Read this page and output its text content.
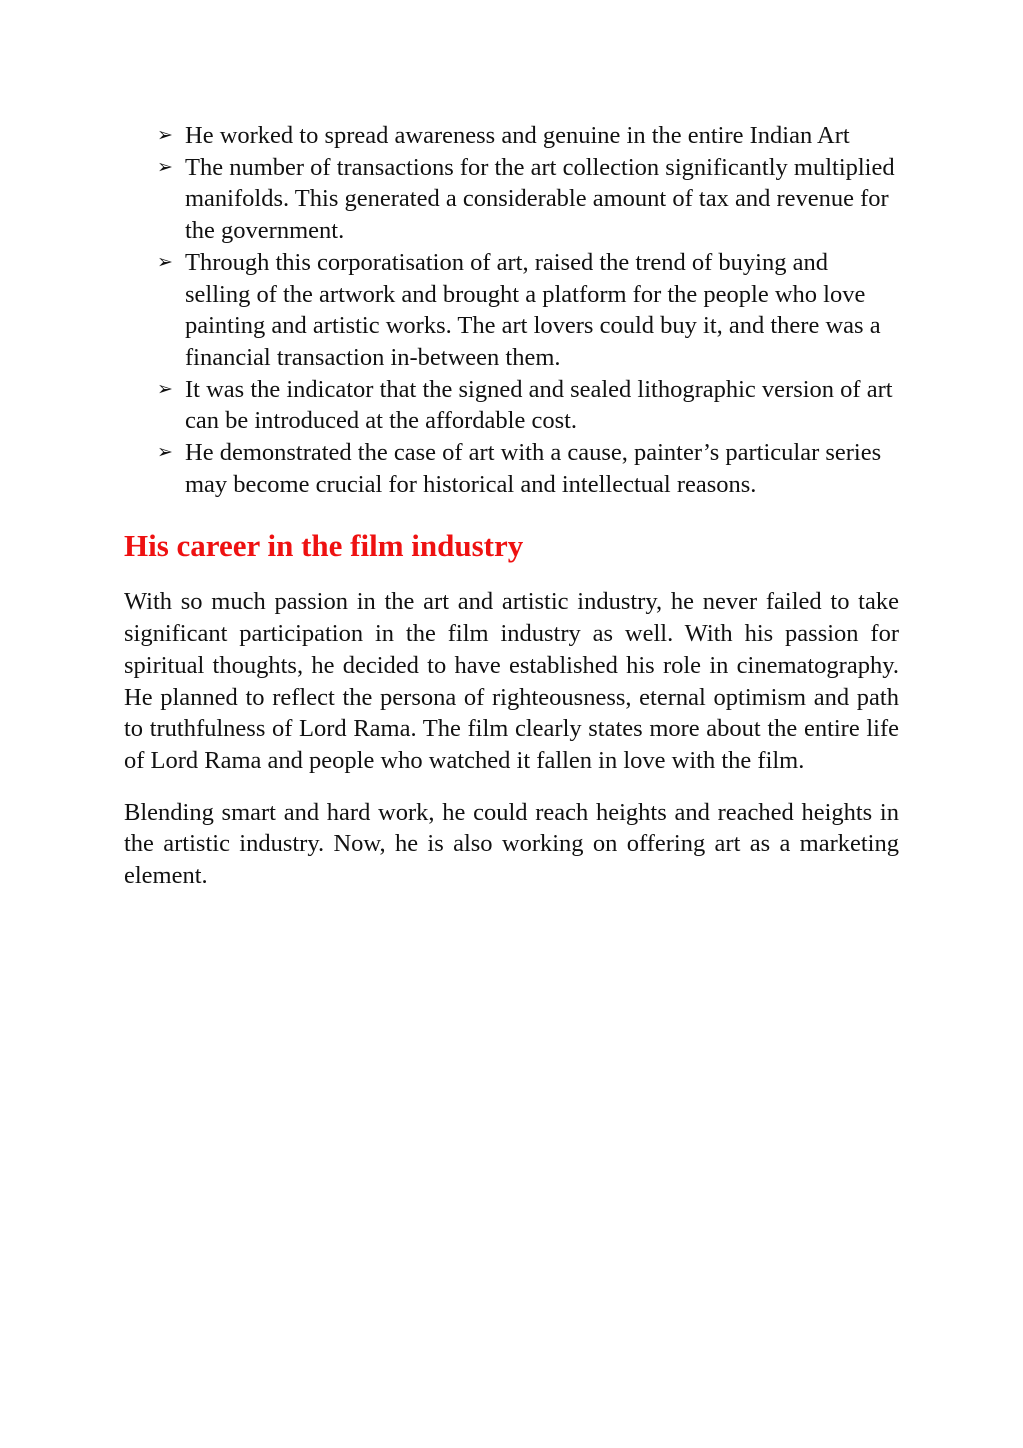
➢ He worked to spread awareness and genuine in the entire Indian Art
➢ The number of transactions for the art collection significantly multiplied manifolds. This generated a considerable amount of tax and revenue for the government.
➢ Through this corporatisation of art, raised the trend of buying and selling of the artwork and brought a platform for the people who love painting and artistic works. The art lovers could buy it, and there was a financial transaction in-between them.
➢ It was the indicator that the signed and sealed lithographic version of art can be introduced at the affordable cost.
➢ He demonstrated the case of art with a cause, painter’s particular series may become crucial for historical and intellectual reasons.
His career in the film industry

With so much passion in the art and artistic industry, he never failed to take significant participation in the film industry as well. With his passion for spiritual thoughts, he decided to have established his role in cinematography. He planned to reflect the persona of righteousness, eternal optimism and path to truthfulness of Lord Rama. The film clearly states more about the entire life of Lord Rama and people who watched it fallen in love with the film.

Blending smart and hard work, he could reach heights and reached heights in the artistic industry. Now, he is also working on offering art as a marketing element.
